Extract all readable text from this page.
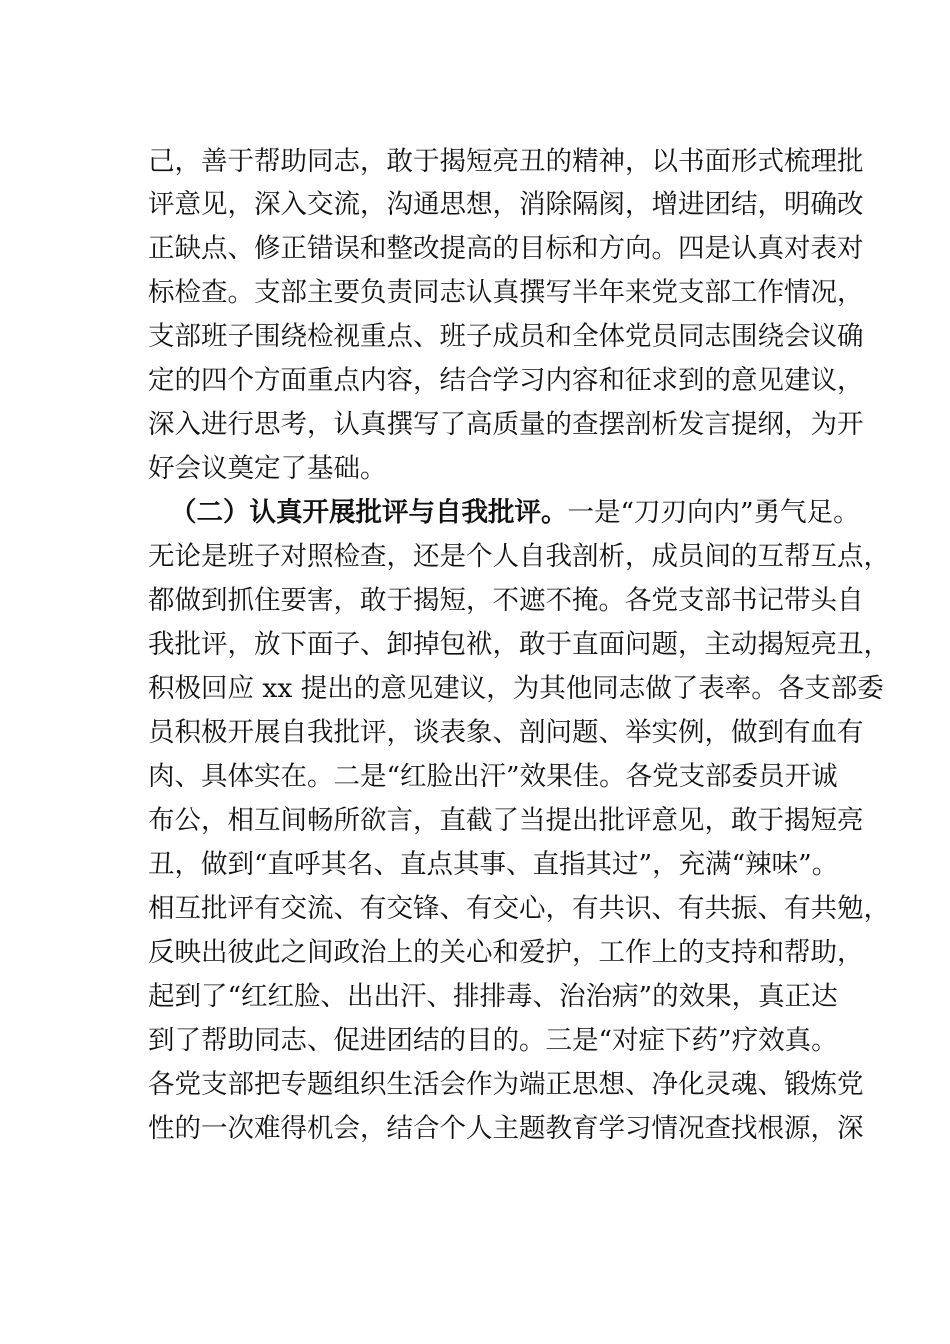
己，善于帮助同志，敢于揭短亮丑的精神，以书面形式梳理批
评意见，深入交流，沟通思想，消除隔阂，增进团结，明确改
正缺点、修正错误和整改提高的目标和方向。四是认真对表对
标检查。支部主要负责同志认真撰写半年来党支部工作情况，
支部班子围绕检视重点、班子成员和全体党员同志围绕会议确
定的四个方面重点内容，结合学习内容和征求到的意见建议，
深入进行思考，认真撰写了高质量的查摆剖析发言提纲，为开
好会议奠定了基础。
（二）认真开展批评与自我批评。一是“刀刃向内”勇气足。
无论是班子对照检查，还是个人自我剖析，成员间的互帮互点，
都做到抓住要害，敢于揭短，不遮不掩。各党支部书记带头自
我批评，放下面子、卸掉包袱，敢于直面问题，主动揭短亮丑，
积极回应 xx 提出的意见建议，为其他同志做了表率。各支部委
员积极开展自我批评，谈表象、剖问题、举实例，做到有血有
肉、具体实在。二是“红脸出汗”效果佳。各党支部委员开诚
布公，相互间畅所欲言，直截了当提出批评意见，敢于揭短亮
丑，做到“直呼其名、直点其事、直指其过”，充满“辣味”。
相互批评有交流、有交锋、有交心，有共识、有共振、有共勉，
反映出彼此之间政治上的关心和爱护，工作上的支持和帮助，
起到了“红红脸、出出汗、排排毒、治治病”的效果，真正达
到了帮助同志、促进团结的目的。三是“对症下药”疗效真。
各党支部把专题组织生活会作为端正思想、净化灵魂、锻炼党
性的一次难得机会，结合个人主题教育学习情况查找根源，深
